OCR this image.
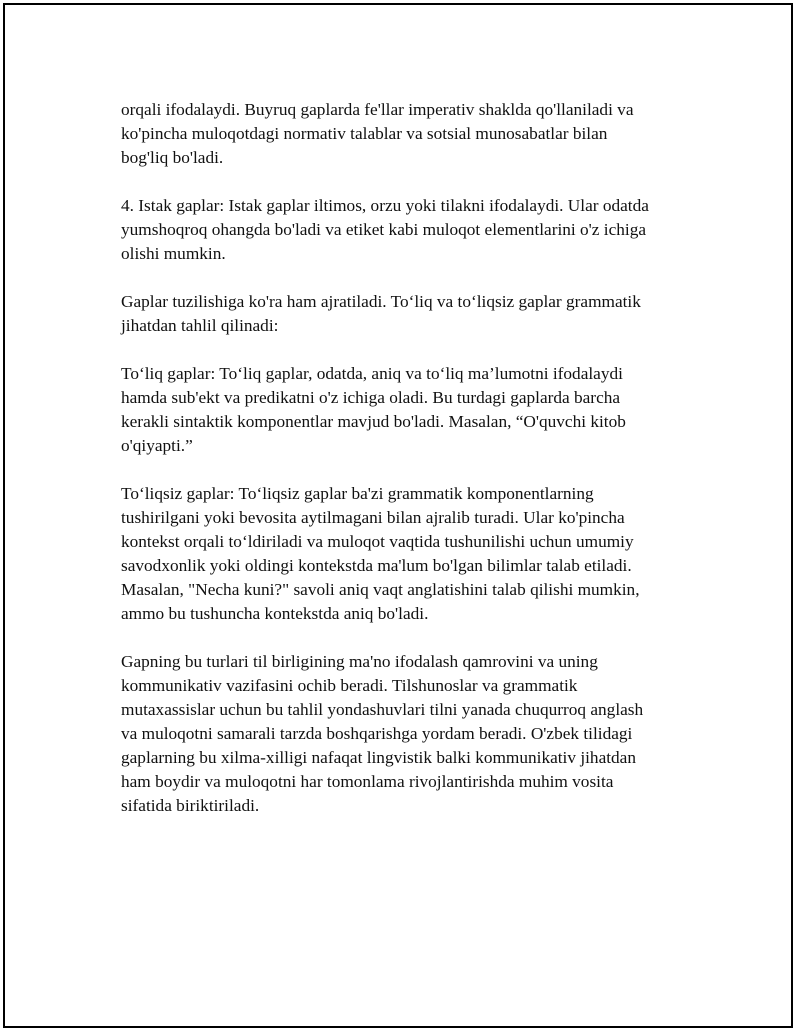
orqali ifodalaydi. Buyruq gaplarda fe'llar imperativ shaklda qo'llaniladi va
ko'pincha muloqotdagi normativ talablar va sotsial munosabatlar bilan
bog'liq bo'ladi.

4. Istak gaplar: Istak gaplar iltimos, orzu yoki tilakni ifodalaydi. Ular odatda
yumshoqroq ohangda bo'ladi va etiket kabi muloqot elementlarini o'z ichiga
olishi mumkin.

Gaplar tuzilishiga ko'ra ham ajratiladi. To‘liq va to‘liqsiz gaplar grammatik
jihatdan tahlil qilinadi:

To‘liq gaplar: To‘liq gaplar, odatda, aniq va to‘liq ma’lumotni ifodalaydi
hamda sub'ekt va predikatni o'z ichiga oladi. Bu turdagi gaplarda barcha
kerakli sintaktik komponentlar mavjud bo'ladi. Masalan, “O'quvchi kitob
o'qiyapti.”

To‘liqsiz gaplar: To‘liqsiz gaplar ba'zi grammatik komponentlarning
tushirilgani yoki bevosita aytilmagani bilan ajralib turadi. Ular ko'pincha
kontekst orqali to‘ldiriladi va muloqot vaqtida tushunilishi uchun umumiy
savodxonlik yoki oldingi kontekstda ma'lum bo'lgan bilimlar talab etiladi.
Masalan, "Necha kuni?" savoli aniq vaqt anglatishini talab qilishi mumkin,
ammo bu tushuncha kontekstda aniq bo'ladi.

Gapning bu turlari til birligining ma'no ifodalash qamrovini va uning
kommunikativ vazifasini ochib beradi. Tilshunoslar va grammatik
mutaxassislar uchun bu tahlil yondashuvlari tilni yanada chuqurroq anglash
va muloqotni samarali tarzda boshqarishga yordam beradi. O'zbek tilidagi
gaplarning bu xilma-xilligi nafaqat lingvistik balki kommunikativ jihatdan
ham boydir va muloqotni har tomonlama rivojlantirishda muhim vosita
sifatida biriktiriladi.
